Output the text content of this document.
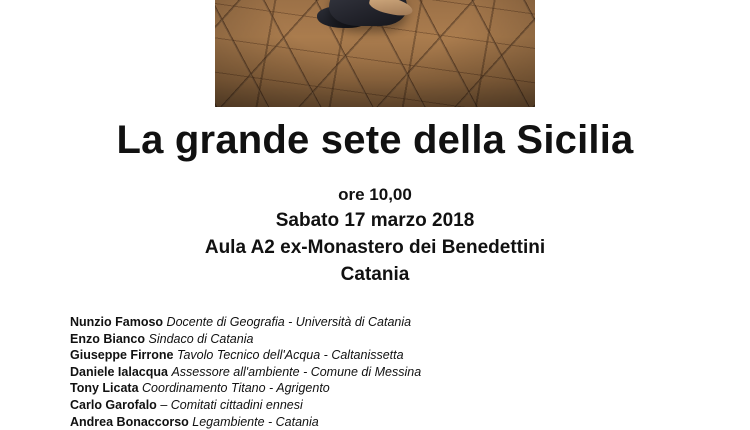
La grande sete della Sicilia
ore 10,00
Sabato 17 marzo 2018
Aula A2 ex-Monastero dei Benedettini
Catania
Nunzio Famoso Docente di Geografia - Università di Catania
Enzo Bianco Sindaco di Catania
Giuseppe Firrone Tavolo Tecnico dell'Acqua - Caltanissetta
Daniele Ialacqua Assessore all'ambiente - Comune di Messina
Tony Licata Coordinamento Titano - Agrigento
Carlo Garofalo – Comitati cittadini ennesi
Andrea Bonaccorso Legambiente - Catania
